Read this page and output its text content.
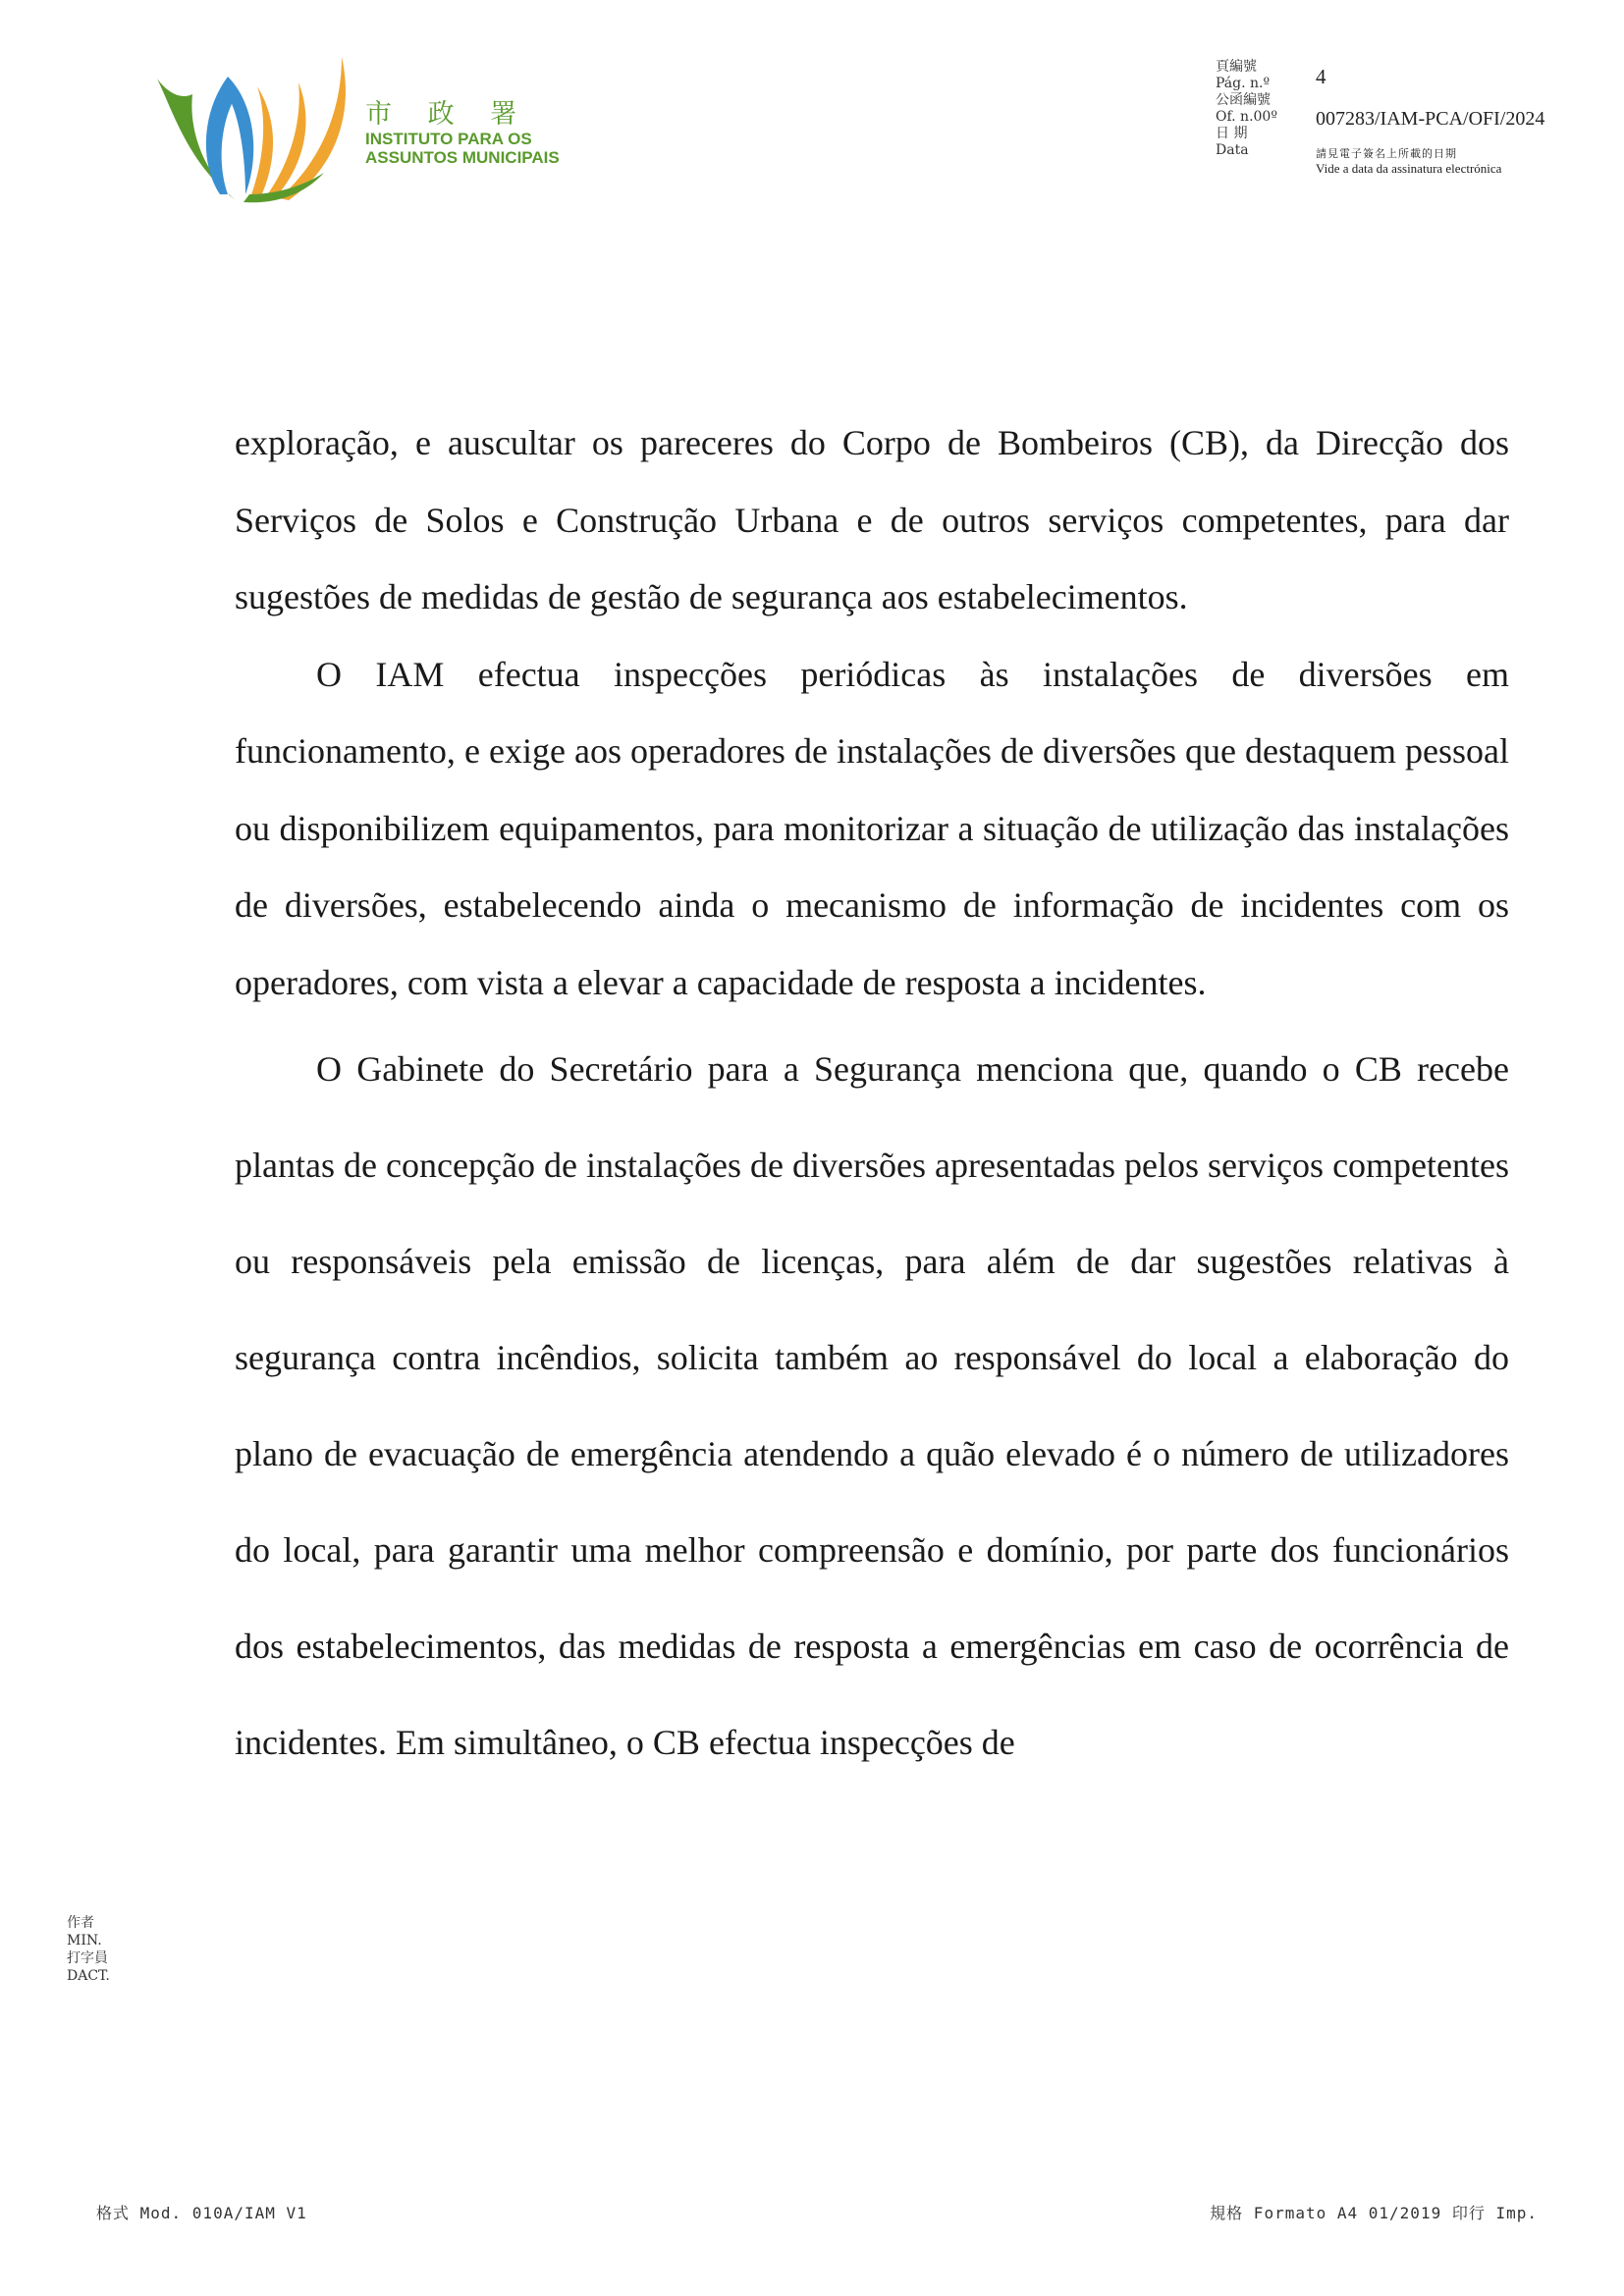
市 政 署
INSTITUTO PARA OS
ASSUNTOS MUNICIPAIS
頁編號
Pág. n.º
公函編號
Of. n.00º
日 期
Data
4
007283/IAM-PCA/OFI/2024
請見電子簽名上所載的日期
Vide a data da assinatura electrónica

exploração, e auscultar os pareceres do Corpo de Bombeiros (CB), da Direcção dos Serviços de Solos e Construção Urbana e de outros serviços competentes, para dar sugestões de medidas de gestão de segurança aos estabelecimentos.

O IAM efectua inspecções periódicas às instalações de diversões em funcionamento, e exige aos operadores de instalações de diversões que destaquem pessoal ou disponibilizem equipamentos, para monitorizar a situação de utilização das instalações de diversões, estabelecendo ainda o mecanismo de informação de incidentes com os operadores, com vista a elevar a capacidade de resposta a incidentes.

O Gabinete do Secretário para a Segurança menciona que, quando o CB recebe plantas de concepção de instalações de diversões apresentadas pelos serviços competentes ou responsáveis pela emissão de licenças, para além de dar sugestões relativas à segurança contra incêndios, solicita também ao responsável do local a elaboração do plano de evacuação de emergência atendendo a quão elevado é o número de utilizadores do local, para garantir uma melhor compreensão e domínio, por parte dos funcionários dos estabelecimentos, das medidas de resposta a emergências em caso de ocorrência de incidentes. Em simultâneo, o CB efectua inspecções de

作者
MIN.
打字員
DACT.
格式 Mod. 010A/IAM V1	規格 Formato A4 01/2019 印行 Imp.
